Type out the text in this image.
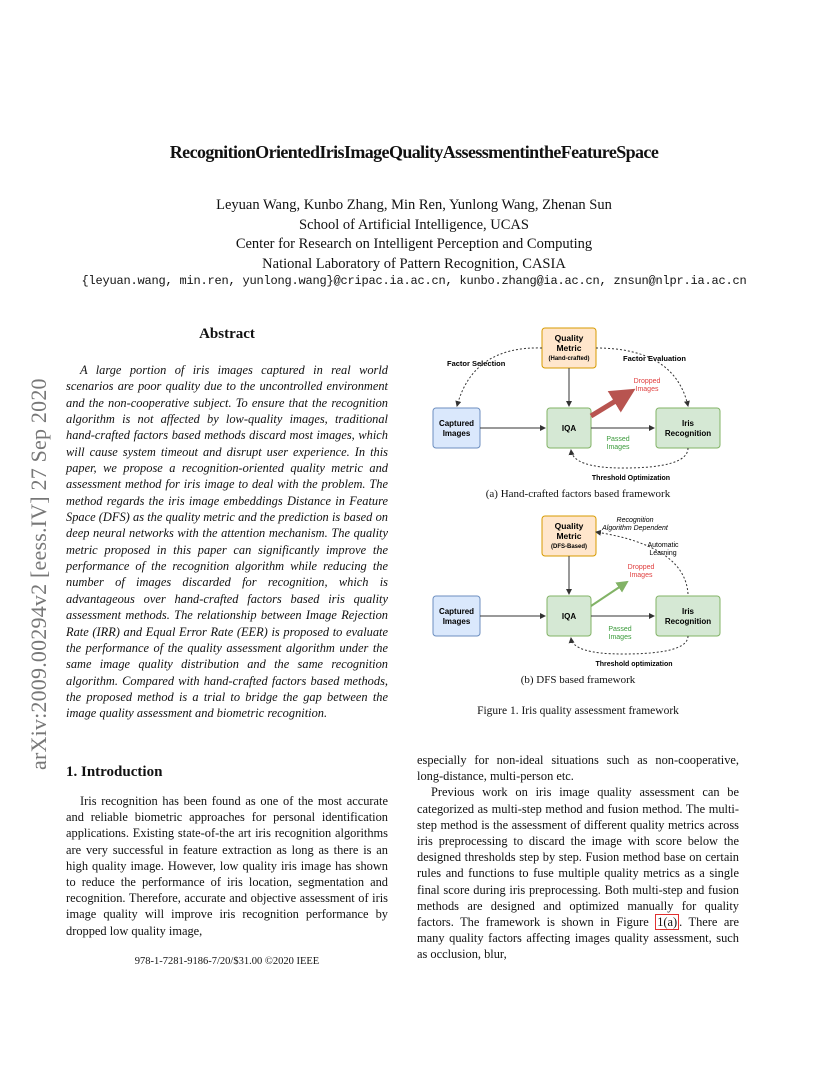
arXiv:2009.00294v2 [eess.IV] 27 Sep 2020
RecognitionOrientedIrisImageQualityAssessmentintheFeatureSpace
Leyuan Wang, Kunbo Zhang, Min Ren, Yunlong Wang, Zhenan Sun
School of Artificial Intelligence, UCAS
Center for Research on Intelligent Perception and Computing
National Laboratory of Pattern Recognition, CASIA
{leyuan.wang, min.ren, yunlong.wang}@cripac.ia.ac.cn, kunbo.zhang@ia.ac.cn, znsun@nlpr.ia.ac.cn
Abstract
A large portion of iris images captured in real world scenarios are poor quality due to the uncontrolled environment and the non-cooperative subject. To ensure that the recognition algorithm is not affected by low-quality images, traditional hand-crafted factors based methods discard most images, which will cause system timeout and disrupt user experience. In this paper, we propose a recognition-oriented quality metric and assessment method for iris image to deal with the problem. The method regards the iris image embeddings Distance in Feature Space (DFS) as the quality metric and the prediction is based on deep neural networks with the attention mechanism. The quality metric proposed in this paper can significantly improve the performance of the recognition algorithm while reducing the number of images discarded for recognition, which is advantageous over hand-crafted factors based iris quality assessment methods. The relationship between Image Rejection Rate (IRR) and Equal Error Rate (EER) is proposed to evaluate the performance of the quality assessment algorithm under the same image quality distribution and the same recognition algorithm. Compared with hand-crafted factors based methods, the proposed method is a trial to bridge the gap between the image quality assessment and biometric recognition.
1. Introduction
Iris recognition has been found as one of the most accurate and reliable biometric approaches for personal identification applications. Existing state-of-the art iris recognition algorithms are very successful in feature extraction as long as there is an high quality image. However, low quality iris image has shown to reduce the performance of iris location, segmentation and recognition. Therefore, accurate and objective assessment of iris image quality will improve iris recognition performance by dropped low quality image,
978-1-7281-9186-7/20/$31.00 ©2020 IEEE
Quality
Metric
(Hand-crafted)
Factor Selection
Factor Evaluation
Captured
Images
IQA
Iris
Recognition
Dropped
Images
Passed
Images
Threshold Optimization
(a) Hand-crafted factors based framework
Quality
Metric
(DFS-Based)
Recognition
Algorithm Dependent
Automatic
Learning
Captured
Images
IQA
Iris
Recognition
Dropped
Images
Passed
Images
Threshold optimization
(b) DFS based framework
Figure 1. Iris quality assessment framework

especially for non-ideal situations such as non-cooperative, long-distance, multi-person etc.

Previous work on iris image quality assessment can be categorized as multi-step method and fusion method. The multi-step method is the assessment of different quality metrics across iris preprocessing to discard the image with score below the designed thresholds step by step. Fusion method base on certain rules and functions to fuse multiple quality metrics as a single final score during iris preprocessing. Both multi-step and fusion methods are designed and optimized manually for quality factors. The framework is shown in Figure 1(a) . There are many quality factors affecting images quality assessment, such as occlusion, blur,
